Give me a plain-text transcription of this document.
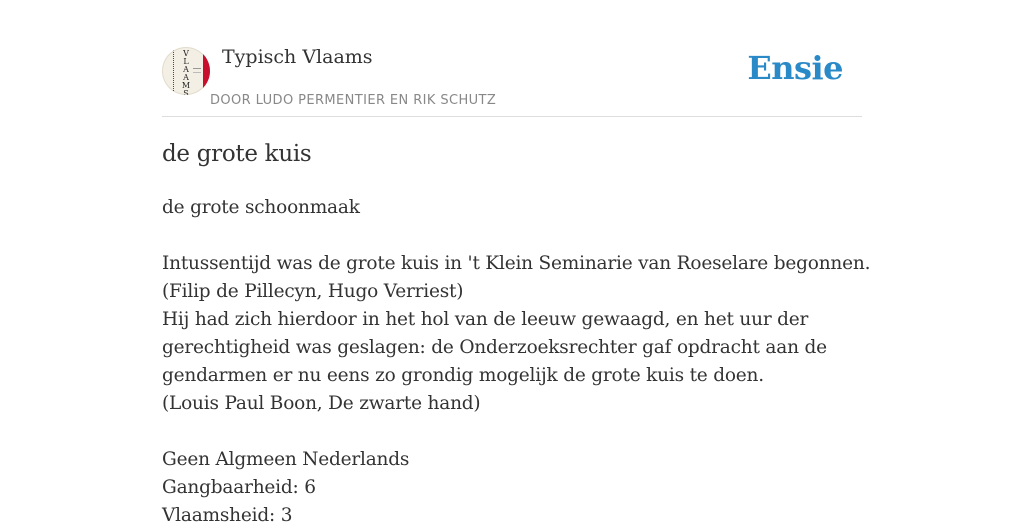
V
L
A
A
M
S
Typisch Vlaams
DOOR LUDO PERMENTIER EN RIK SCHUTZ
Ensie
de grote kuis
de grote schoonmaak
Intussentijd was de grote kuis in 't Klein Seminarie van Roeselare begonnen.
(Filip de Pillecyn, Hugo Verriest)
Hij had zich hierdoor in het hol van de leeuw gewaagd, en het uur der
gerechtigheid was geslagen: de Onderzoeksrechter gaf opdracht aan de
gendarmen er nu eens zo grondig mogelijk de grote kuis te doen.
(Louis Paul Boon, De zwarte hand)
Geen Algmeen Nederlands
Gangbaarheid: 6
Vlaamsheid: 3
